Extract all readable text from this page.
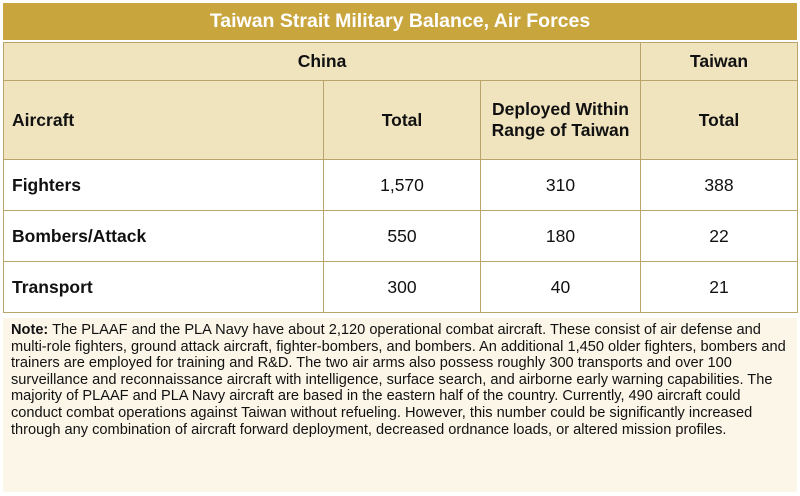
Taiwan Strait Military Balance, Air Forces
China			Taiwan
Aircraft	Total	Deployed Within Range of Taiwan	Total
Fighters	1,570	310	388
Bombers/Attack	550	180	22
Transport	300	40	21
Note: The PLAAF and the PLA Navy have about 2,120 operational combat aircraft. These consist of air defense and multi-role fighters, ground attack aircraft, fighter-bombers, and bombers. An additional 1,450 older fighters, bombers and trainers are employed for training and R&D. The two air arms also possess roughly 300 transports and over 100 surveillance and reconnaissance aircraft with intelligence, surface search, and airborne early warning capabilities. The majority of PLAAF and PLA Navy aircraft are based in the eastern half of the country. Currently, 490 aircraft could conduct combat operations against Taiwan without refueling. However, this number could be significantly increased through any combination of aircraft forward deployment, decreased ordnance loads, or altered mission profiles.
